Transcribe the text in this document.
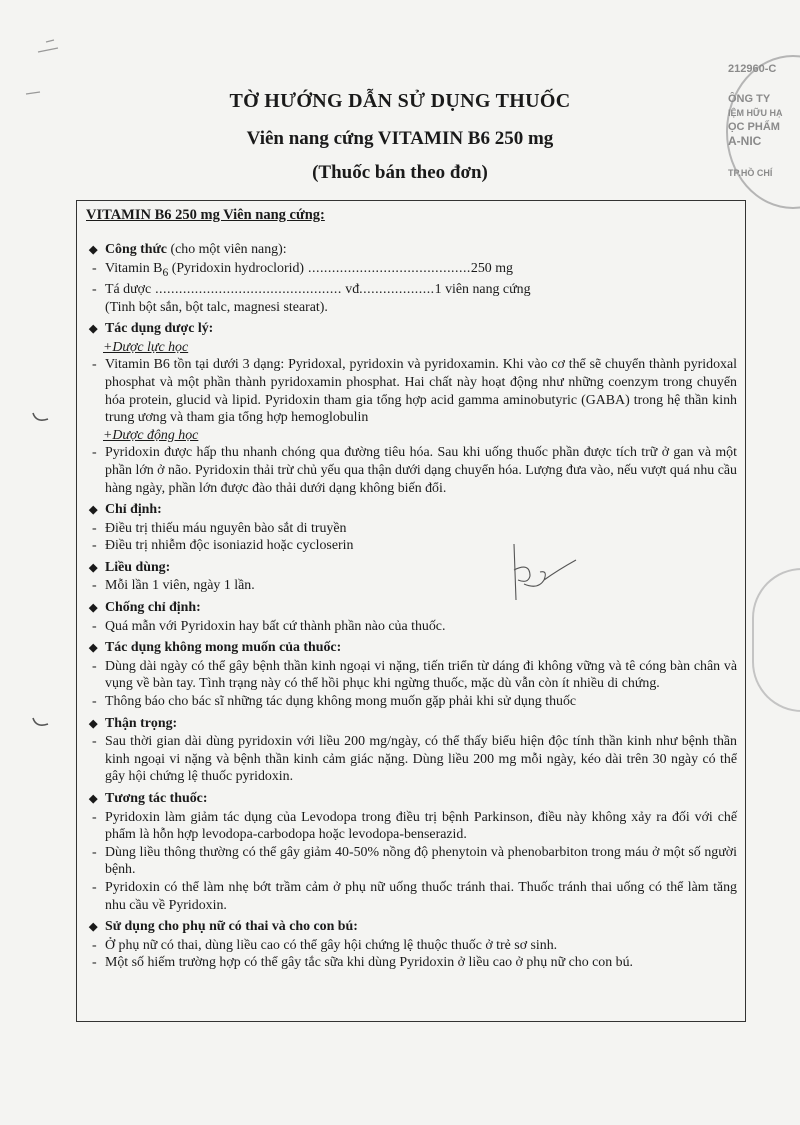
212960-C
ÔNG TY
IỆM HỮU HẠ
ỌC PHẨM
A-NIC
TP.HỒ CHÍ
TỜ HƯỚNG DẪN SỬ DỤNG THUỐC
Viên nang cứng VITAMIN B6 250 mg
(Thuốc bán theo đơn)
VITAMIN B6 250 mg Viên nang cứng:
◆ Công thức
(cho một viên nang):
- Vitamin $B_6$ (Pyridoxin hydroclorid) .........................................250 mg
- Tá dược ............................................... vđ...................1 viên nang cứng
(Tinh bột sắn, bột talc, magnesi stearat).
◆ Tác dụng dược lý:
+Dược lực học
- Vitamin B6 tồn tại dưới 3 dạng: Pyridoxal, pyridoxin và pyridoxamin. Khi vào cơ thể sẽ chuyển thành pyridoxal phosphat và một phần thành pyridoxamin phosphat. Hai chất này hoạt động như những coenzym trong chuyển hóa protein, glucid và lipid. Pyridoxin tham gia tổng hợp acid gamma aminobutyric (GABA) trong hệ thần kinh trung ương và tham gia tổng hợp hemoglobulin
+Dược động học
- Pyridoxin được hấp thu nhanh chóng qua đường tiêu hóa. Sau khi uống thuốc phần được tích trữ ở gan và một phần lớn ở não. Pyridoxin thải trừ chủ yếu qua thận dưới dạng chuyển hóa. Lượng đưa vào, nếu vượt quá nhu cầu hàng ngày, phần lớn được đào thải dưới dạng không biến đổi.
◆ Chỉ định:
- Điều trị thiếu máu nguyên bào sắt di truyền
- Điều trị nhiễm độc isoniazid hoặc cycloserin
◆ Liều dùng:
- Mỗi lần 1 viên, ngày 1 lần.
◆ Chống chỉ định:
- Quá mẫn với Pyridoxin hay bất cứ thành phần nào của thuốc.
◆ Tác dụng không mong muốn của thuốc:
- Dùng dài ngày có thể gây bệnh thần kinh ngoại vi nặng, tiến triển từ dáng đi không vững và tê cóng bàn chân và vụng về bàn tay. Tình trạng này có thể hồi phục khi ngừng thuốc, mặc dù vẫn còn ít nhiều di chứng.
- Thông báo cho bác sĩ những tác dụng không mong muốn gặp phải khi sử dụng thuốc
◆ Thận trọng:
- Sau thời gian dài dùng pyridoxin với liều 200 mg/ngày, có thể thấy biểu hiện độc tính thần kinh như bệnh thần kinh ngoại vi nặng và bệnh thần kinh cảm giác nặng. Dùng liều 200 mg mỗi ngày, kéo dài trên 30 ngày có thể gây hội chứng lệ thuốc pyridoxin.
◆ Tương tác thuốc:
- Pyridoxin làm giảm tác dụng của Levodopa trong điều trị bệnh Parkinson, điều này không xảy ra đối với chế phẩm là hỗn hợp levodopa-carbodopa hoặc levodopa-benserazid.
- Dùng liều thông thường có thể gây giảm 40-50% nồng độ phenytoin và phenobarbiton trong máu ở một số người bệnh.
- Pyridoxin có thể làm nhẹ bớt trầm cảm ở phụ nữ uống thuốc tránh thai. Thuốc tránh thai uống có thể làm tăng nhu cầu về Pyridoxin.
◆ Sử dụng cho phụ nữ có thai và cho con bú:
- Ở phụ nữ có thai, dùng liều cao có thể gây hội chứng lệ thuộc thuốc ở trẻ sơ sinh.
- Một số hiếm trường hợp có thể gây tắc sữa khi dùng Pyridoxin ở liều cao ở phụ nữ cho con bú.
